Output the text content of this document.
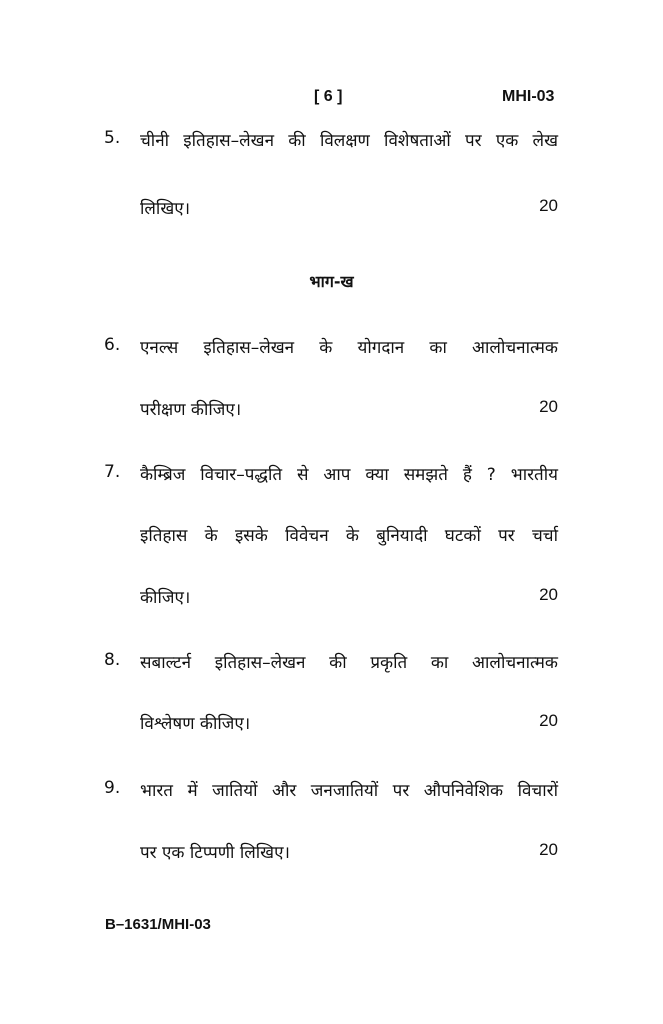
[ 6 ]	MHI-03
5. चीनी इतिहास–लेखन की विलक्षण विशेषताओं पर एक लेख
लिखिए।	20
भाग-ख
6. एनल्स इतिहास–लेखन के योगदान का आलोचनात्मक
परीक्षण कीजिए।	20
7. कैम्ब्रिज विचार–पद्धति से आप क्या समझते हैं ? भारतीय
इतिहास के इसके विवेचन के बुनियादी घटकों पर चर्चा
कीजिए।	20
8. सबाल्टर्न इतिहास–लेखन की प्रकृति का आलोचनात्मक
विश्लेषण कीजिए।	20
9. भारत में जातियों और जनजातियों पर औपनिवेशिक विचारों
पर एक टिप्पणी लिखिए।	20
B–1631/MHI-03
